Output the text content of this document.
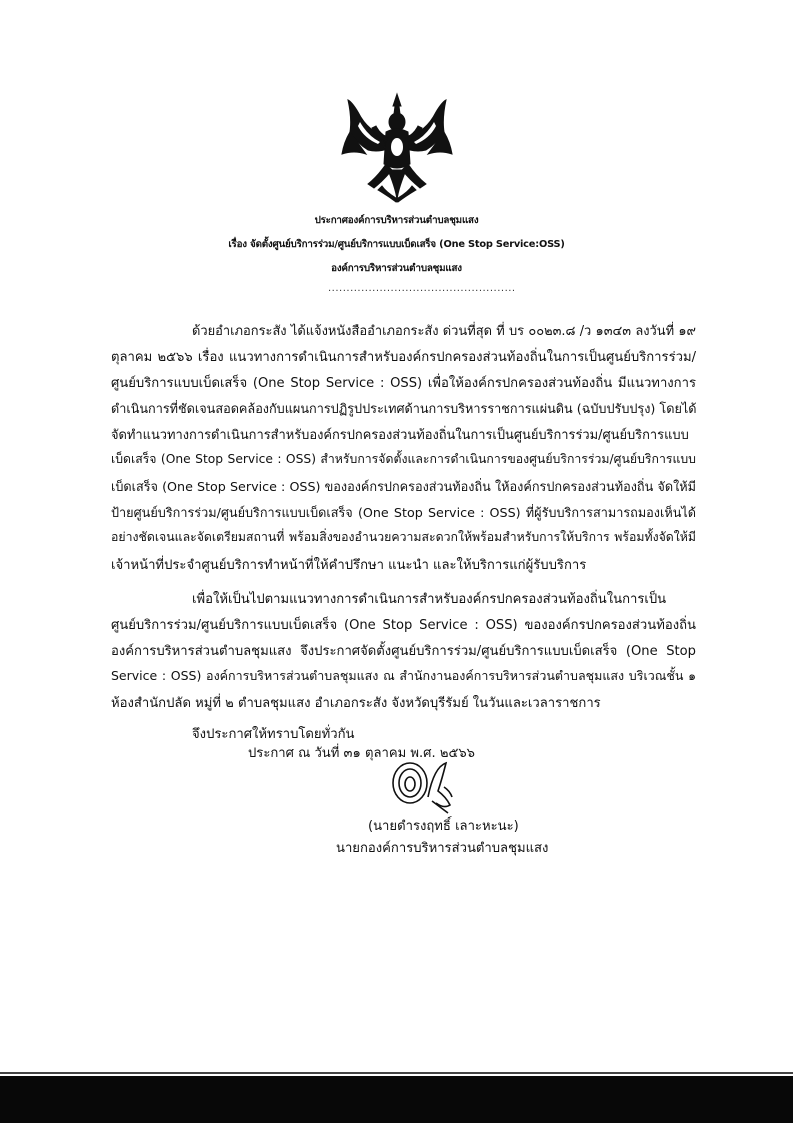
ประกาศองค์การบริหารส่วนตำบลชุมแสง
เรื่อง จัดตั้งศูนย์บริการร่วม/ศูนย์บริการแบบเบ็ดเสร็จ (One Stop Service:OSS)
องค์การบริหารส่วนตำบลชุมแสง
...................................................
ด้วยอำเภอกระสัง ได้แจ้งหนังสืออำเภอกระสัง ด่วนที่สุด ที่ บร ๐๐๒๓.๘ /ว ๑๓๔๓ ลงวันที่ ๑๙
ตุลาคม ๒๕๖๖ เรื่อง แนวทางการดำเนินการสำหรับองค์กรปกครองส่วนท้องถิ่นในการเป็นศูนย์บริการร่วม/
ศูนย์บริการแบบเบ็ดเสร็จ (One Stop Service : OSS) เพื่อให้องค์กรปกครองส่วนท้องถิ่น มีแนวทางการ
ดำเนินการที่ชัดเจนสอดคล้องกับแผนการปฏิรูปประเทศด้านการบริหารราชการแผ่นดิน (ฉบับปรับปรุง) โดยได้
จัดทำแนวทางการดำเนินการสำหรับองค์กรปกครองส่วนท้องถิ่นในการเป็นศูนย์บริการร่วม/ศูนย์บริการแบบ
เบ็ดเสร็จ (One Stop Service : OSS) สำหรับการจัดตั้งและการดำเนินการของศูนย์บริการร่วม/ศูนย์บริการแบบ
เบ็ดเสร็จ (One Stop Service : OSS) ขององค์กรปกครองส่วนท้องถิ่น ให้องค์กรปกครองส่วนท้องถิ่น จัดให้มี
ป้ายศูนย์บริการร่วม/ศูนย์บริการแบบเบ็ดเสร็จ (One Stop Service : OSS) ที่ผู้รับบริการสามารถมองเห็นได้
อย่างชัดเจนและจัดเตรียมสถานที่ พร้อมสิ่งของอำนวยความสะดวกให้พร้อมสำหรับการให้บริการ พร้อมทั้งจัดให้มี
เจ้าหน้าที่ประจำศูนย์บริการทำหน้าที่ให้คำปรึกษา แนะนำ และให้บริการแก่ผู้รับบริการ
เพื่อให้เป็นไปตามแนวทางการดำเนินการสำหรับองค์กรปกครองส่วนท้องถิ่นในการเป็น
ศูนย์บริการร่วม/ศูนย์บริการแบบเบ็ดเสร็จ (One Stop Service : OSS) ขององค์กรปกครองส่วนท้องถิ่น
องค์การบริหารส่วนตำบลชุมแสง จึงประกาศจัดตั้งศูนย์บริการร่วม/ศูนย์บริการแบบเบ็ดเสร็จ (One Stop
Service : OSS) องค์การบริหารส่วนตำบลชุมแสง ณ สำนักงานองค์การบริหารส่วนตำบลชุมแสง บริเวณชั้น ๑
ห้องสำนักปลัด หมู่ที่ ๒ ตำบลชุมแสง อำเภอกระสัง จังหวัดบุรีรัมย์ ในวันและเวลาราชการ
จึงประกาศให้ทราบโดยทั่วกัน
ประกาศ ณ วันที่ ๓๑ ตุลาคม พ.ศ. ๒๕๖๖
(นายดำรงฤทธิ์ เลาะหะนะ)
นายกองค์การบริหารส่วนตำบลชุมแสง
